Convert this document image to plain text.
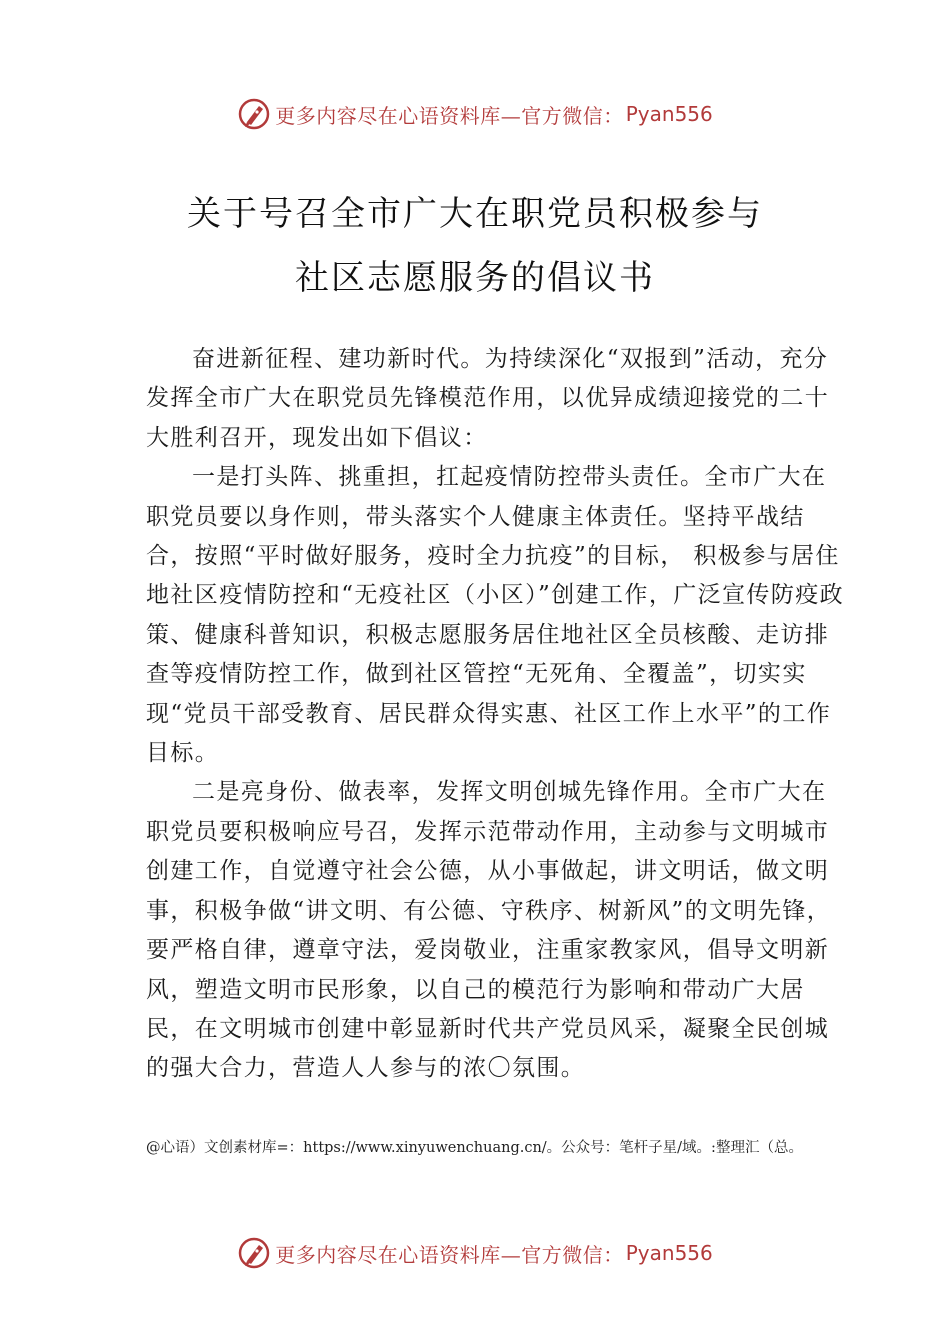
更多内容尽在心语资料库—官方微信： Pyan556
关于号召全市广大在职党员积极参与
社区志愿服务的倡议书

奋进新征程、建功新时代。为持续深化“双报到”活动，充分发挥全市广大在职党员先锋模范作用，以优异成绩迎接党的二十大胜利召开，现发出如下倡议：

一是打头阵、挑重担，扛起疫情防控带头责任。全市广大在职党员要以身作则，带头落实个人健康主体责任。坚持平战结合，按照“平时做好服务，疫时全力抗疫”的目标， 积极参与居住地社区疫情防控和“无疫社区（小区）”创建工作，广泛宣传防疫政策、健康科普知识，积极志愿服务居住地社区全员核酸、走访排查等疫情防控工作，做到社区管控“无死角、全覆盖”，切实实现“党员干部受教育、居民群众得实惠、社区工作上水平”的工作目标。

二是亮身份、做表率，发挥文明创城先锋作用。全市广大在职党员要积极响应号召，发挥示范带动作用，主动参与文明城市创建工作，自觉遵守社会公德，从小事做起，讲文明话，做文明事，积极争做“讲文明、有公德、守秩序、树新风”的文明先锋，要严格自律，遵章守法，爱岗敬业，注重家教家风，倡导文明新风，塑造文明市民形象，以自己的模范行为影响和带动广大居民，在文明城市创建中彰显新时代共产党员风采，凝聚全民创城的强大合力，营造人人参与的浓〇氛围。

@心语）文创素材库=：https://www.xinyuwenchuang.cn/。公众号：笔杆子星/域。:整理汇（总。
更多内容尽在心语资料库—官方微信： Pyan556
